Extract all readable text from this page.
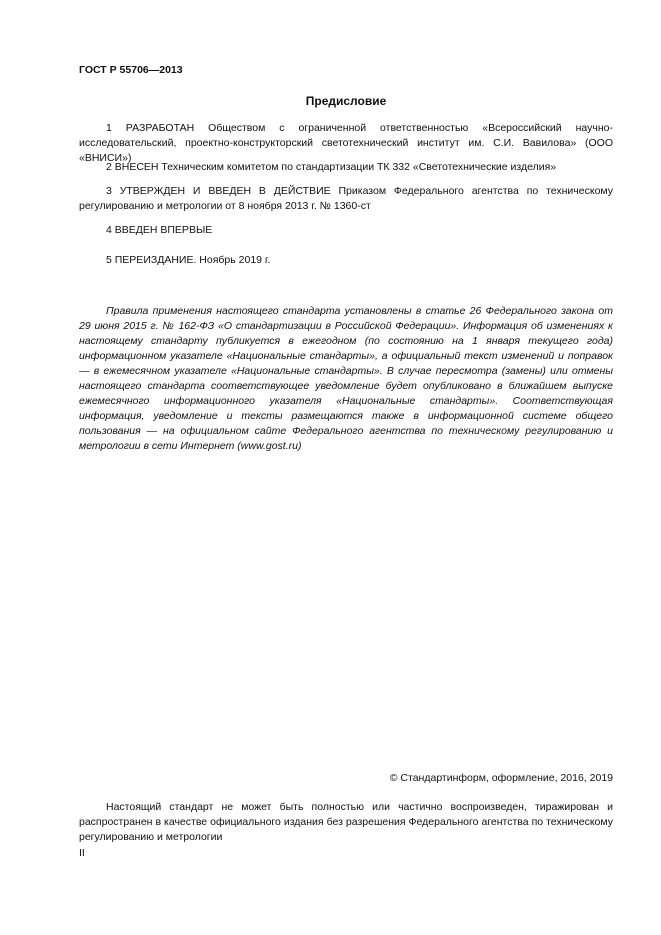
ГОСТ Р 55706—2013
Предисловие

1 РАЗРАБОТАН Обществом с ограниченной ответственностью «Всероссийский научно-исследовательский, проектно-конструкторский светотехнический институт им. С.И. Вавилова» (ООО «ВНИСИ»)

2 ВНЕСЕН Техническим комитетом по стандартизации ТК 332 «Светотехнические изделия»

3 УТВЕРЖДЕН И ВВЕДЕН В ДЕЙСТВИЕ Приказом Федерального агентства по техническому регулированию и метрологии от 8 ноября 2013 г. № 1360-ст

4 ВВЕДЕН ВПЕРВЫЕ

5 ПЕРЕИЗДАНИЕ. Ноябрь 2019 г.

Правила применения настоящего стандарта установлены в статье 26 Федерального закона от 29 июня 2015 г. № 162-ФЗ «О стандартизации в Российской Федерации». Информация об изменениях к настоящему стандарту публикуется в ежегодном (по состоянию на 1 января текущего года) информационном указателе «Национальные стандарты», а официальный текст изменений и поправок — в ежемесячном указателе «Национальные стандарты». В случае пересмотра (замены) или отмены настоящего стандарта соответствующее уведомление будет опубликовано в ближайшем выпуске ежемесячного информационного указателя «Национальные стандарты». Соответствующая информация, уведомление и тексты размещаются также в информационной системе общего пользования — на официальном сайте Федерального агентства по техническому регулированию и метрологии в сети Интернет (www.gost.ru)

© Стандартинформ, оформление, 2016, 2019

Настоящий стандарт не может быть полностью или частично воспроизведен, тиражирован и распространен в качестве официального издания без разрешения Федерального агентства по техническому регулированию и метрологии

II
